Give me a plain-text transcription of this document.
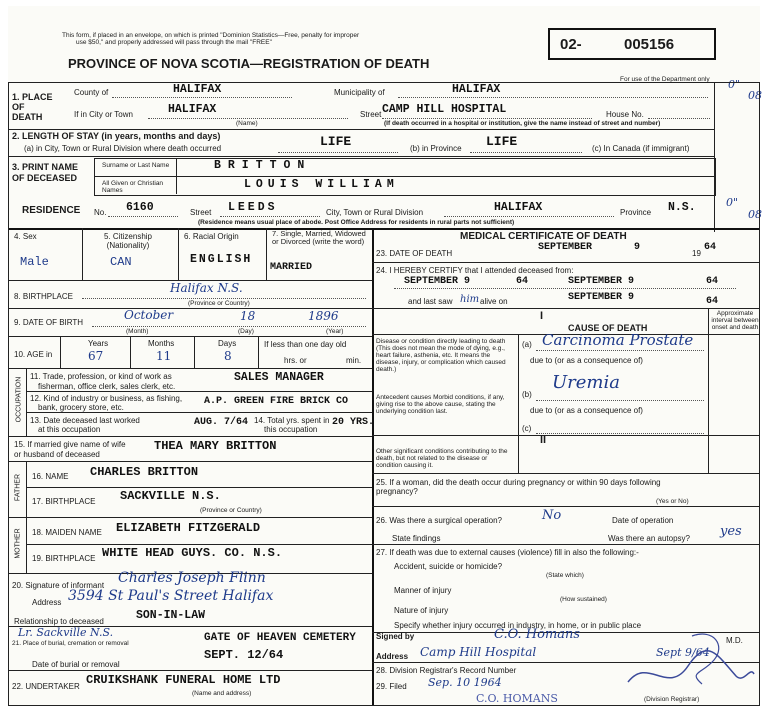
This form, if placed in an envelope, on which is printed "Dominion Statistics—Free, penalty for improper
use $50," and properly addressed will pass through the mail "FREE"
PROVINCE OF NOVA SCOTIA—REGISTRATION OF DEATH
02-	005156
For use of the Department only 0"
08
0"
08
1. PLACE OF DEATH
County of	HALIFAX	Municipality of	HALIFAX
If in City or Town	HALIFAX
(Name)
Street CAMP HILL HOSPITAL	House No.
(If death occurred in a hospital or institution, give the name instead of street and number)
2. LENGTH OF STAY (in years, months and days)
(a) in City, Town or Rural Division where death occurred	LIFE	(b) in Province LIFE	(c) In Canada (if immigrant)
3. PRINT NAME OF DECEASED
Surname or Last Name	BRITTON
All Given or Christian Names	LOUIS WILLIAM
RESIDENCE No. 6160	Street LEEDS	City, Town or Rural Division	HALIFAX	Province N.S.
(Residence means usual place of abode. Post Office Address for residents in rural parts not sufficient)
4. Sex
Male
5. Citizenship (Nationality)
CAN
6. Racial Origin
ENGLISH
7. Single, Married, Widowed or Divorced (write the word)
MARRIED
8. BIRTHPLACE
Halifax N.S.
(Province or Country)
9. DATE OF BIRTH
October	18	1896
(Month)	(Day)	(Year)
10. AGE in
Years	Months	Days
67	11	8
If less than one day old
hrs. or	min.
OCCUPATION
11. Trade, profession, or kind of work as
fisherman, office clerk, sales clerk, etc.
SALES MANAGER
12. Kind of industry or business, as fishing,
bank, grocery store, etc.
A.P. GREEN FIRE BRICK CO
13. Date deceased last worked
at this occupation
AUG. 7/64 14. Total yrs. spent in
this occupation
20 YRS.
15. If married give name of wife
or husband of deceased
THEA MARY BRITTON
FATHER 16. NAME CHARLES BRITTON
17. BIRTHPLACE SACKVILLE N.S.
(Province or Country)
MOTHER 18. MAIDEN NAME ELIZABETH FITZGERALD
19. BIRTHPLACE WHITE HEAD GUYS. CO. N.S.
20. Signature of informant Charles Joseph Flinn
Address 3594 St Paul's Street Halifax
Relationship to deceased	SON-IN-LAW
Lr. Sackville N.S.
21. Place of burial, cremation or removal	GATE OF HEAVEN CEMETERY
Date of burial or removal
SEPT. 12/64
22. UNDERTAKER CRUIKSHANK FUNERAL HOME LTD
(Name and address)
MEDICAL CERTIFICATE OF DEATH
23. DATE OF DEATH
SEPTEMBER	9
19
64
24. I HEREBY CERTIFY that I attended deceased from:
SEPTEMBER 9	64	SEPTEMBER 9	64
and last saw him alive on	SEPTEMBER 9	64
I
CAUSE OF DEATH
Approximate interval between onset and death
Disease or condition directly leading to death (This does not mean the mode of dying, e.g., heart failure, asthenia, etc. It means the disease, injury, or complication which caused death.)
(a) Carcinoma Prostate
due to (or as a consequence of)
Antecedent causes Morbid conditions, if any, giving rise to the above cause, stating the underlying condition last.
(b)
Uremia
due to (or as a consequence of)
(c)
II
Other significant conditions contributing to the death, but not related to the disease or condition causing it.
25. If a woman, did the death occur during pregnancy or within 90 days following pregnancy?
(Yes or No)
26. Was there a surgical operation?	No	Date of operation
State findings	Was there an autopsy? yes
27. If death was due to external causes (violence) fill in also the following:-
Accident, suicide or homicide?
(State which)
Manner of injury
(How sustained)
Nature of injury
Specify whether injury occurred in industry, in home, or in public place
Signed by	C.O. Homans	M.D.
Address Camp Hill Hospital	Sept 9/64
28. Division Registrar's Record Number
29. Filed Sep. 10 1964
(Division Registrar)
C.O. HOMANS
